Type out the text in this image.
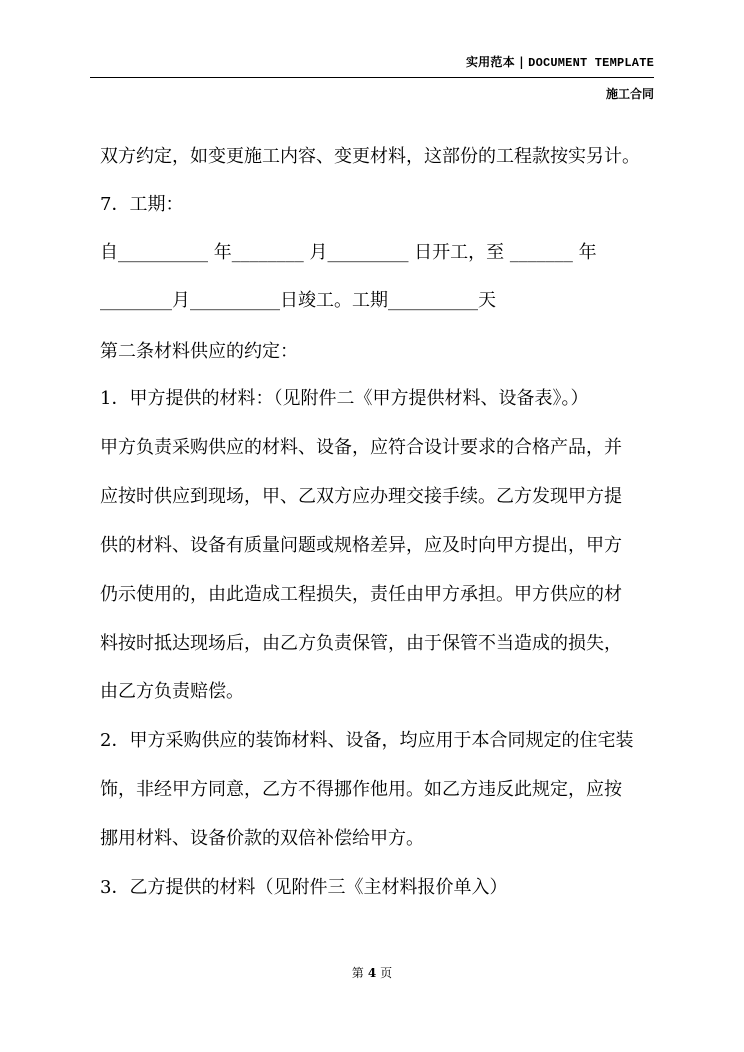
实用范本 | DOCUMENT TEMPLATE
施工合同
双方约定，如变更施工内容、变更材料，这部份的工程款按实另计。
7．工期：
自__________ 年________ 月_________ 日开工，至 _______ 年
________月__________日竣工。工期__________天
第二条材料供应的约定：
1．甲方提供的材料：（见附件二《甲方提供材料、设备表》。）
甲方负责采购供应的材料、设备，应符合设计要求的合格产品，并
应按时供应到现场，甲、乙双方应办理交接手续。乙方发现甲方提
供的材料、设备有质量问题或规格差异，应及时向甲方提出，甲方
仍示使用的，由此造成工程损失，责任由甲方承担。甲方供应的材
料按时抵达现场后，由乙方负责保管，由于保管不当造成的损失，
由乙方负责赔偿。
2．甲方采购供应的装饰材料、设备，均应用于本合同规定的住宅装
饰，非经甲方同意，乙方不得挪作他用。如乙方违反此规定，应按
挪用材料、设备价款的双倍补偿给甲方。
3．乙方提供的材料（见附件三《主材料报价单入）
第 4 页
